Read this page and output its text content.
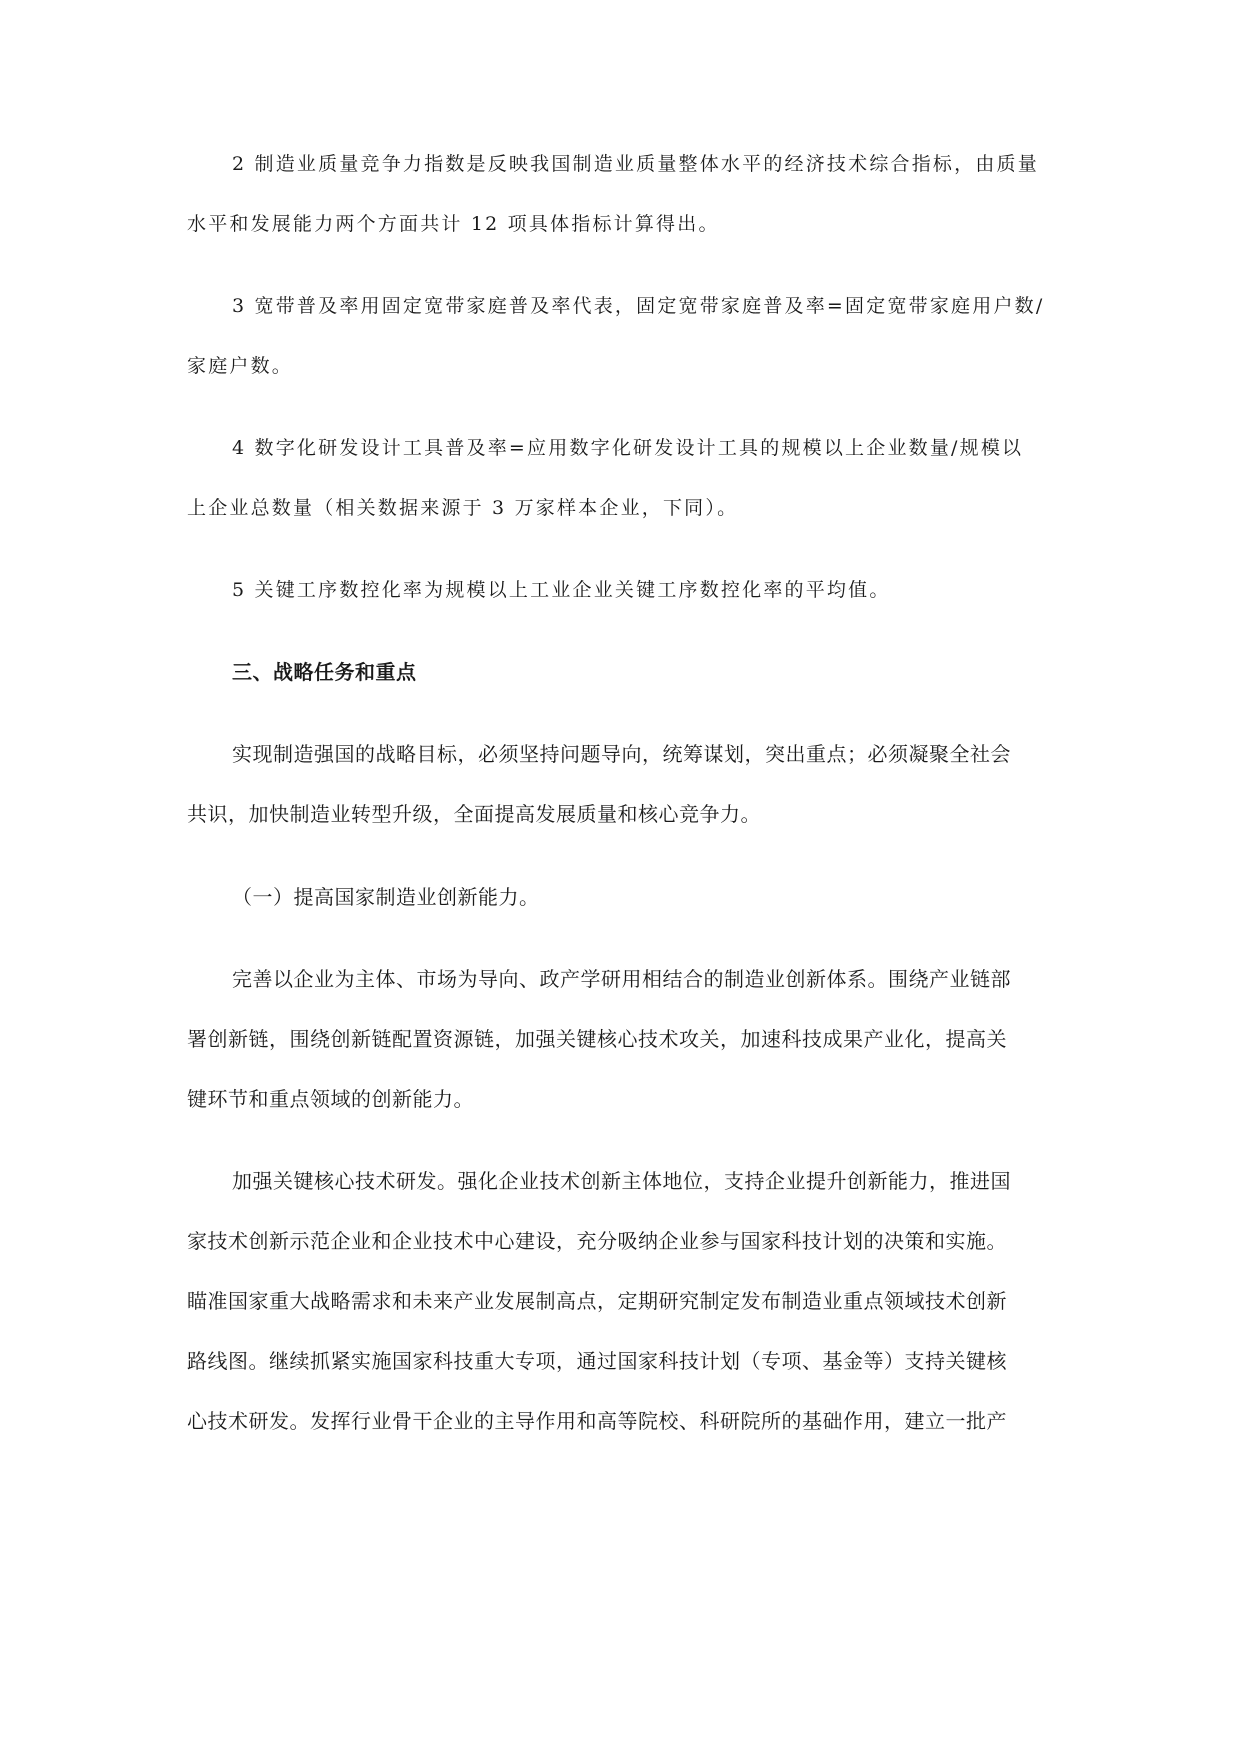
2 制造业质量竞争力指数是反映我国制造业质量整体水平的经济技术综合指标，由质量
水平和发展能力两个方面共计 12 项具体指标计算得出。
3 宽带普及率用固定宽带家庭普及率代表，固定宽带家庭普及率=固定宽带家庭用户数/
家庭户数。
4 数字化研发设计工具普及率=应用数字化研发设计工具的规模以上企业数量/规模以
上企业总数量（相关数据来源于 3 万家样本企业，下同）。
5 关键工序数控化率为规模以上工业企业关键工序数控化率的平均值。
三、战略任务和重点
实现制造强国的战略目标，必须坚持问题导向，统筹谋划，突出重点；必须凝聚全社会
共识，加快制造业转型升级，全面提高发展质量和核心竞争力。
（一）提高国家制造业创新能力。
完善以企业为主体、市场为导向、政产学研用相结合的制造业创新体系。围绕产业链部
署创新链，围绕创新链配置资源链，加强关键核心技术攻关，加速科技成果产业化，提高关
键环节和重点领域的创新能力。
加强关键核心技术研发。强化企业技术创新主体地位，支持企业提升创新能力，推进国
家技术创新示范企业和企业技术中心建设，充分吸纳企业参与国家科技计划的决策和实施。
瞄准国家重大战略需求和未来产业发展制高点，定期研究制定发布制造业重点领域技术创新
路线图。继续抓紧实施国家科技重大专项，通过国家科技计划（专项、基金等）支持关键核
心技术研发。发挥行业骨干企业的主导作用和高等院校、科研院所的基础作用，建立一批产
